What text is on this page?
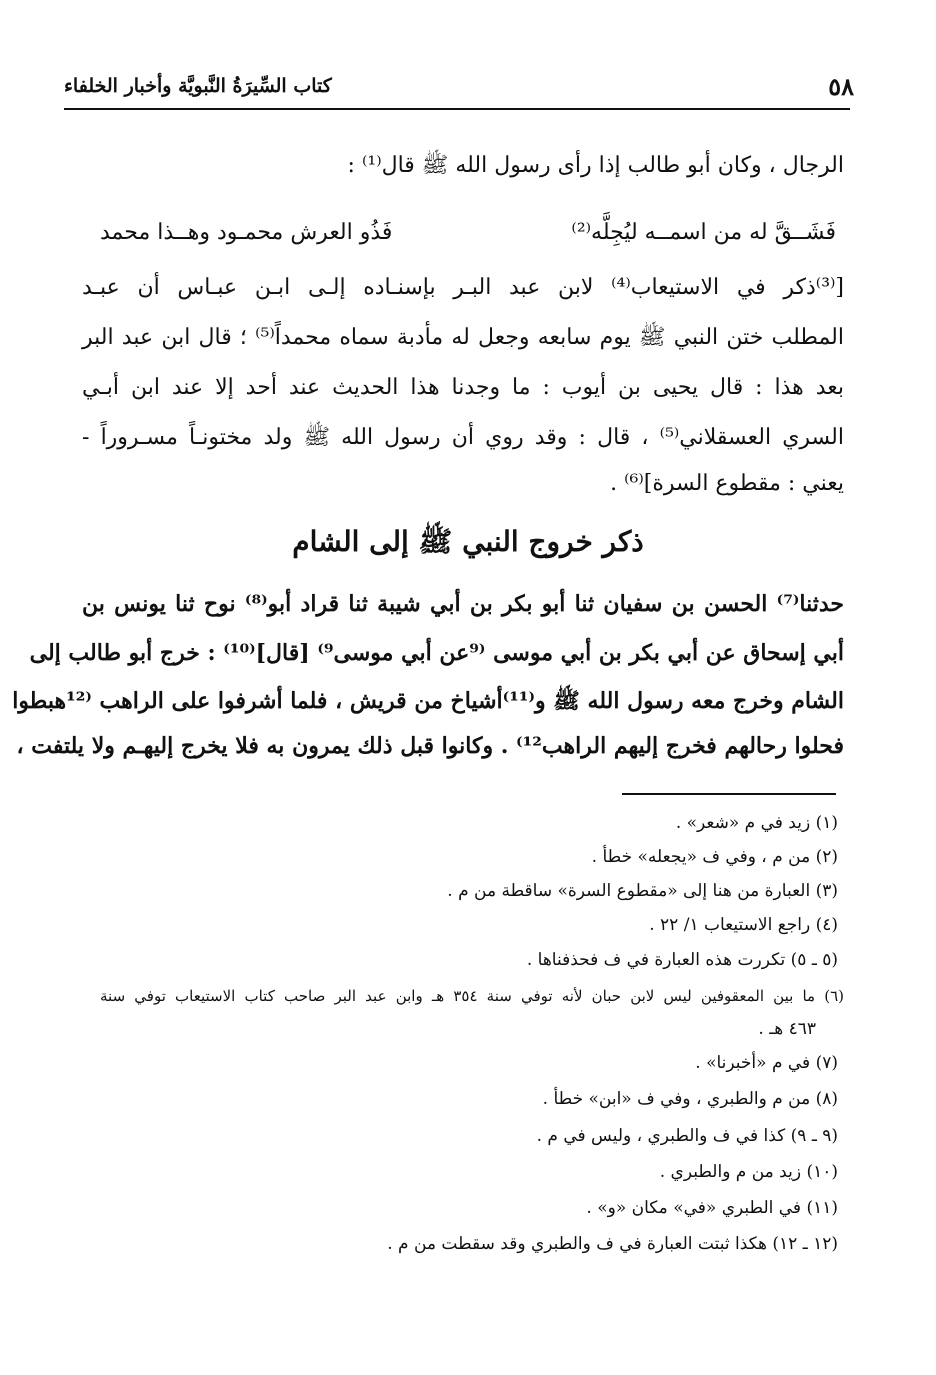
كتاب السِّيرَةُ النَّبويَّة وأخبار الخلفاء	٥٨
الرجال ، وكان أبو طالب إذا رأى رسول الله ﷺ قال⁽¹⁾ :
فَشَــقَّ له من اسمــه ليُجِلَّه⁽²⁾
فَذُو العرش محمـود وهــذا محمد
[⁽³⁾ذكر في الاستيعاب⁽⁴⁾ لابن عبد البـر بإسنـاده إلـى ابـن عبـاس أن عبـد
المطلب ختن النبي ﷺ يوم سابعه وجعل له مأدبة سماه محمداً⁽⁵⁾ ؛ قال ابن عبد البر
بعد هذا : قال يحيى بن أيوب : ما وجدنا هذا الحديث عند أحد إلا عند ابن أبـي
السري العسقلاني⁽⁵⁾ ، قال : وقد روي أن رسول الله ﷺ ولد مختونـاً مسـروراً -
يعني : مقطوع السرة]⁽⁶⁾ .
ذكر خروج النبي ﷺ إلى الشام
حدثنا⁽⁷⁾ الحسن بن سفيان ثنا أبو بكر بن أبي شيبة ثنا قراد أبو⁽⁸⁾ نوح ثنا يونس بن
أبي إسحاق عن أبي بكر بن أبي موسى ⁽⁹عن أبي موسى⁹⁾ [قال]⁽¹⁰⁾ : خرج أبو طالب إلى
الشام وخرج معه رسول الله ﷺ و⁽¹¹⁾أشياخ من قريش ، فلما أشرفوا على الراهب ⁽¹²هبطوا
فحلوا رحالهم فخرج إليهم الراهب¹²⁾ . وكانوا قبل ذلك يمرون به فلا يخرج إليهـم ولا يلتفت ،
(١) زيد في م «شعر» .
(٢) من م ، وفي ف «يجعله» خطأ .
(٣) العبارة من هنا إلى «مقطوع السرة» ساقطة من م .
(٤) راجع الاستيعاب ١/ ٢٢ .
(٥ ـ ٥) تكررت هذه العبارة في ف فحذفناها .
(٦) ما بين المعقوفين ليس لابن حبان لأنه توفي سنة ٣٥٤ هـ وابن عبد البر صاحب كتاب الاستيعاب توفي سنة
٤٦٣ هـ .
(٧) في م «أخبرنا» .
(٨) من م والطبري ، وفي ف «ابن» خطأ .
(٩ ـ ٩) كذا في ف والطبري ، وليس في م .
(١٠) زيد من م والطبري .
(١١) في الطبري «في» مكان «و» .
(١٢ ـ ١٢) هكذا ثبتت العبارة في ف والطبري وقد سقطت من م .
